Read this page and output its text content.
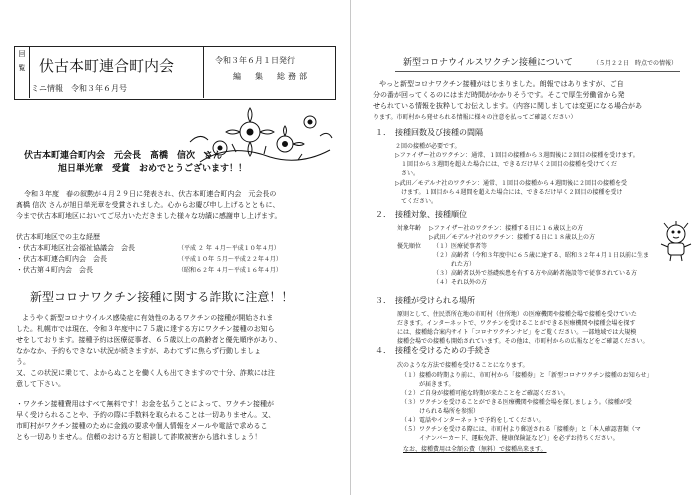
回
覧 伏古本町連合町内会
ミニ情報　令和３年６月号
令和３年６月１日発行
編　集　総務部
伏古本町連合町内会　元会長　髙橋　信次　さん
旭日単光章　受賞　おめでとうございます！！
令和３年度　春の叙勲が４月２９日に発表され、伏古本町連合町内会　元会長の
髙橋 信次 さんが旭日単光章を受賞されました。心からお慶び申し上げるとともに、
今まで伏古本町地区においてご尽力いただきました様々な功績に感謝申し上げます。
伏古本町地区での主な経歴
・伏古本町地区社会福祉協議会　会長	（平成 ２ 年 ４月～平成１０年４月）
・伏古本町連合町内会　会長	（平成１０年 ５月～平成２２年４月）
・伏古第４町内会　会長	（昭和６２年 ４月～平成１６年４月）
新型コロナワクチン接種に関する詐欺に注意！！
ようやく新型コロナウイルス感染症に有効性のあるワクチンの接種が開始されま
した。札幌市では現在、令和３年度中に７５歳に達する方にワクチン接種のお知ら
せをしております。接種予約は医療従事者、６５歳以上の高齢者と優先順序があり、
なかなか、予約もできない状況が続きますが、あわてずに焦らず行動しましょ
う。
又、この状況に乗じて、よからぬことを働く人も出てきますので十分、詐欺には注
意して下さい。
・ワクチン接種費用はすべて無料です！お金を払うことによって、ワクチン接種が
早く受けられることや、予約の際に手数料を取られることは一切ありません。又、
市町村がワクチン接種のために金銭の要求や個人情報をメールや電話で求めるこ
とも一切ありません。信頼のおける方と相談して詐欺被害から逃れましょう！
新型コロナウイルスワクチン接種について	（５月２２日　時点での情報）
やっと新型コロナワクチン接種がはじまりました。朗報ではありますが、ご自
分の番が回ってくるのにはまだ時間がかかりそうです。そこで厚生労働省から発
せられている情報を抜粋してお伝えします。（内容に関しましては変更になる場合があ
ります。市町村から発せられる情報に様々の注意を払ってご確認ください）
１．　接種回数及び接種の間隔
２回の接種が必要です。
▷ファイザー社のワクチン：通常、１回目の接種から３週間後に２回目の接種を受けます。
　１回目から３週間を超えた場合には、できるだけ早く２回目の接種を受けてくだ
　さい。
▷武田／モデルナ社のワクチン：通常、１回目の接種から４週間後に２回目の接種を受
　けます。１回目から４週間を超えた場合には、できるだけ早く２回目の接種を受け
　てください。
２．　接種対象、接種順位
対象年齢 ▷ファイザー社のワクチン：接種する日に１６歳以上の方
▷武田／モデルナ社のワクチン：接種する日に１８歳以上の方
優先順位 （１）医療従事者等
（２）高齢者（令和３年度中に６５歳に達する、昭和３２年４月１日以前に生ま
　　　れた方）
（３）高齢者以外で基礎疾患を有する方や高齢者施設等で従事されている方
（４）それ以外の方
３．　接種が受けられる場所
原則として、住民票所在地の市町村（住所地）の医療機関や接種会場で接種を受けていた
だきます。インターネットで、ワクチンを受けることができる医療機関や接種会場を探す
には、接種総合案内サイト「コロナワクチンナビ」をご覧ください。一部地域では大規模
接種会場での接種も開始されています。その他は、市町村からの広報などをご確認ください。
４．　接種を受けるための手続き
次のような方法で接種を受けることになります。
（１）接種の時期より前に、市町村から「接種券」と「新型コロナワクチン接種のお知らせ」
　　　が届きます。
（２）ご自身が接種可能な時期が来たことをご確認ください。
（３）ワクチンを受けることができる医療機関や接種会場を探しましょう。（接種が受
　　　けられる場所を参照）
（４）電話やインターネットで予約をしてください。
（５）ワクチンを受ける際には、市町村より郵送される「接種券」と「本人確認書類（マ
　　　イナンバーカード、運転免許、健康保険証など）」を必ずお持ちください。
なお、接種費用は全額公費（無料）で接種出来ます。
